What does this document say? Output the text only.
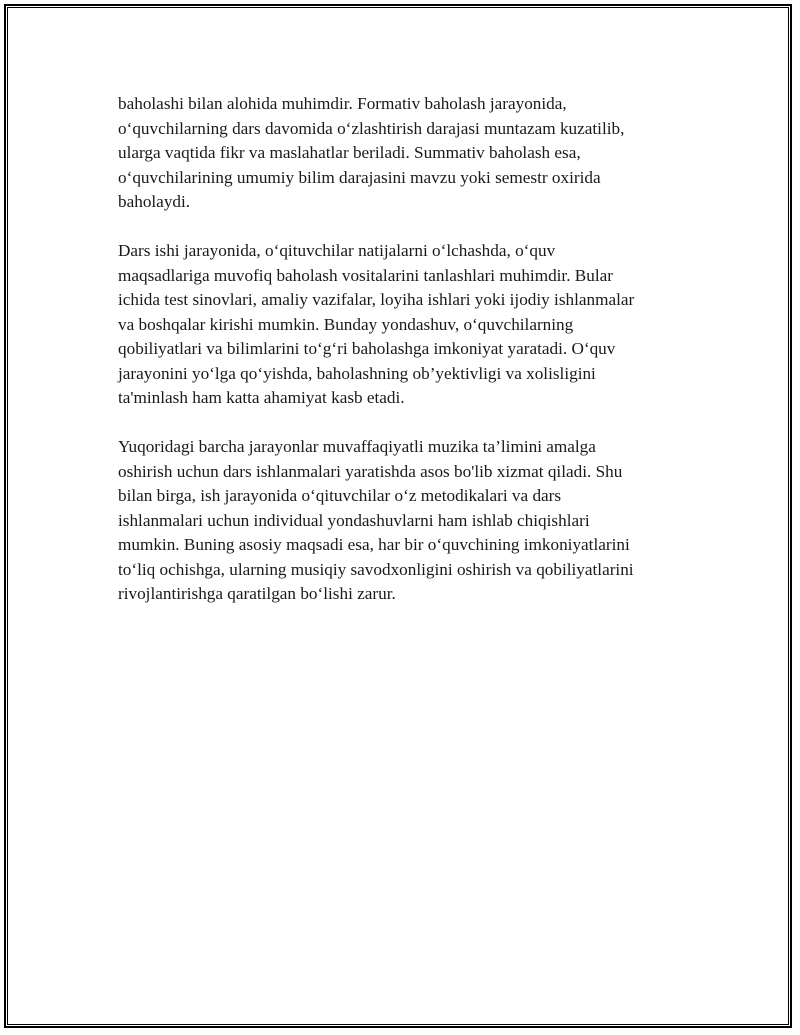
baholashi bilan alohida muhimdir. Formativ baholash jarayonida,
o‘quvchilarning dars davomida o‘zlashtirish darajasi muntazam kuzatilib,
ularga vaqtida fikr va maslahatlar beriladi. Summativ baholash esa,
o‘quvchilarining umumiy bilim darajasini mavzu yoki semestr oxirida
baholaydi.

Dars ishi jarayonida, o‘qituvchilar natijalarni o‘lchashda, o‘quv
maqsadlariga muvofiq baholash vositalarini tanlashlari muhimdir. Bular
ichida test sinovlari, amaliy vazifalar, loyiha ishlari yoki ijodiy ishlanmalar
va boshqalar kirishi mumkin. Bunday yondashuv, o‘quvchilarning
qobiliyatlari va bilimlarini to‘g‘ri baholashga imkoniyat yaratadi. O‘quv
jarayonini yo‘lga qo‘yishda, baholashning ob’yektivligi va xolisligini
ta'minlash ham katta ahamiyat kasb etadi.

Yuqoridagi barcha jarayonlar muvaffaqiyatli muzika ta’limini amalga
oshirish uchun dars ishlanmalari yaratishda asos bo'lib xizmat qiladi. Shu
bilan birga, ish jarayonida o‘qituvchilar o‘z metodikalari va dars
ishlanmalari uchun individual yondashuvlarni ham ishlab chiqishlari
mumkin. Buning asosiy maqsadi esa, har bir o‘quvchining imkoniyatlarini
to‘liq ochishga, ularning musiqiy savodxonligini oshirish va qobiliyatlarini
rivojlantirishga qaratilgan bo‘lishi zarur.
